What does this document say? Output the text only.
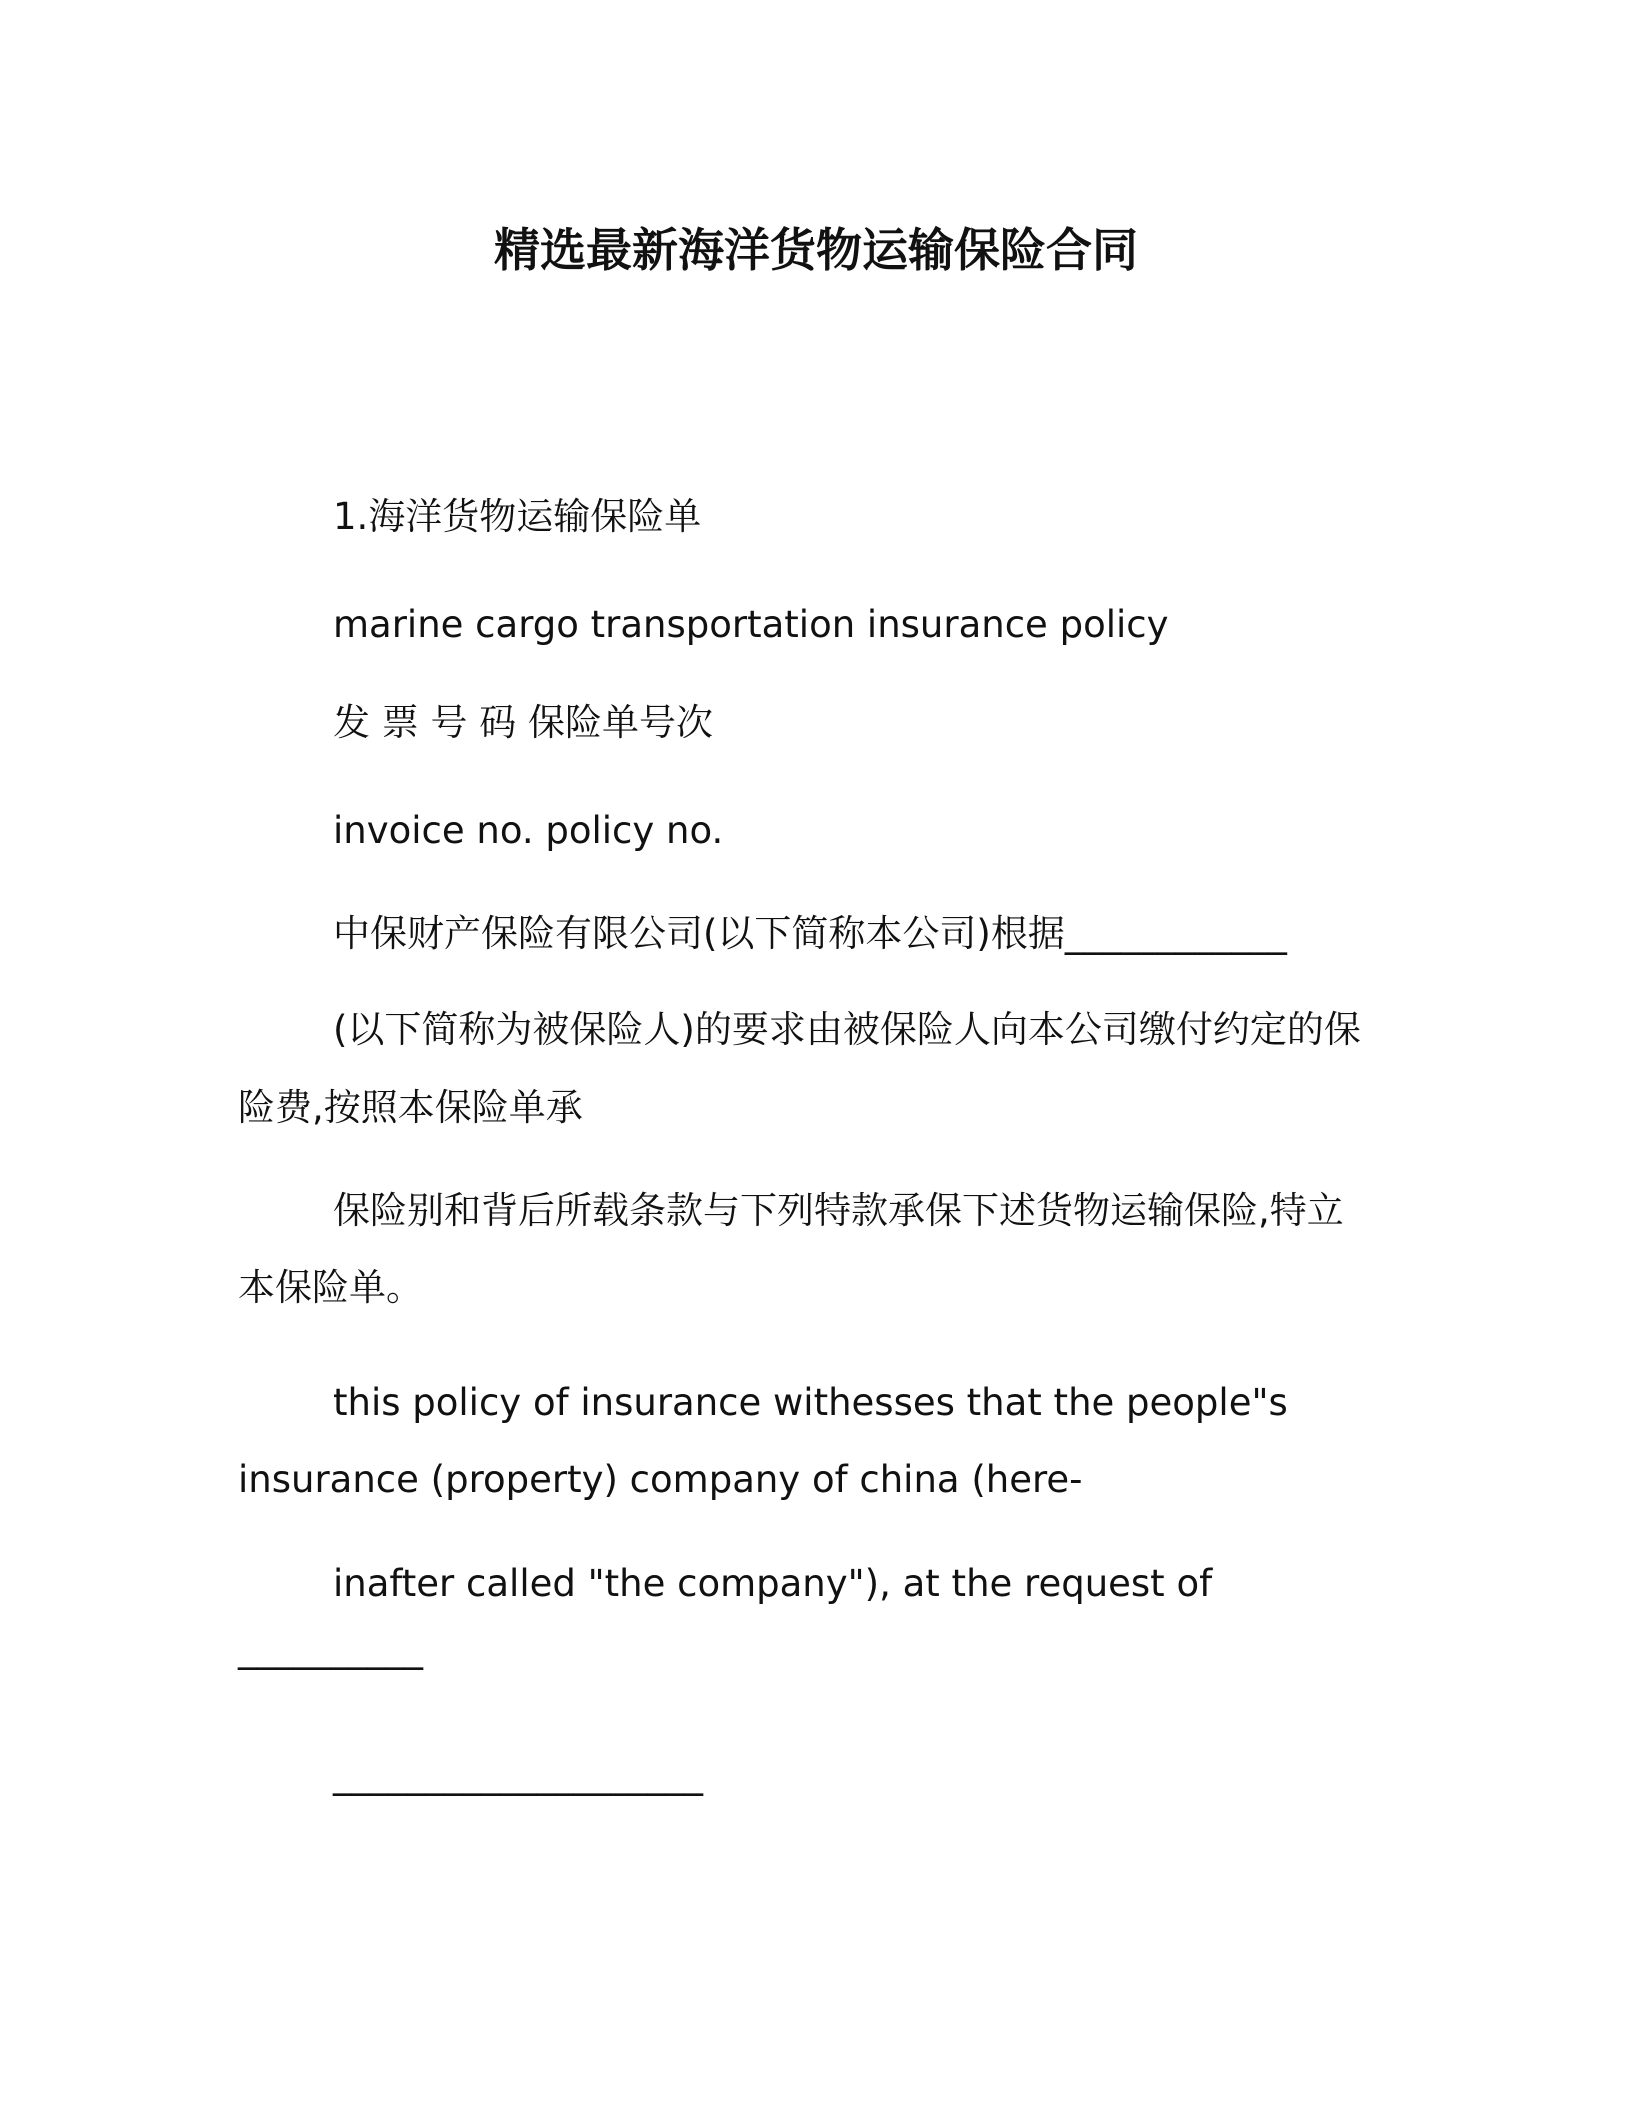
精选最新海洋货物运输保险合同
1.海洋货物运输保险单
marine cargo transportation insurance policy
发 票 号 码 保险单号次
invoice no. policy no.
中保财产保险有限公司(以下简称本公司)根据____________
(以下简称为被保险人)的要求由被保险人向本公司缴付约定的保
险费,按照本保险单承
保险别和背后所载条款与下列特款承保下述货物运输保险,特立
本保险单。
this policy of insurance withesses that the people"s
insurance (property) company of china (here-
inafter called "the company"), at the request of
__________
____________________
